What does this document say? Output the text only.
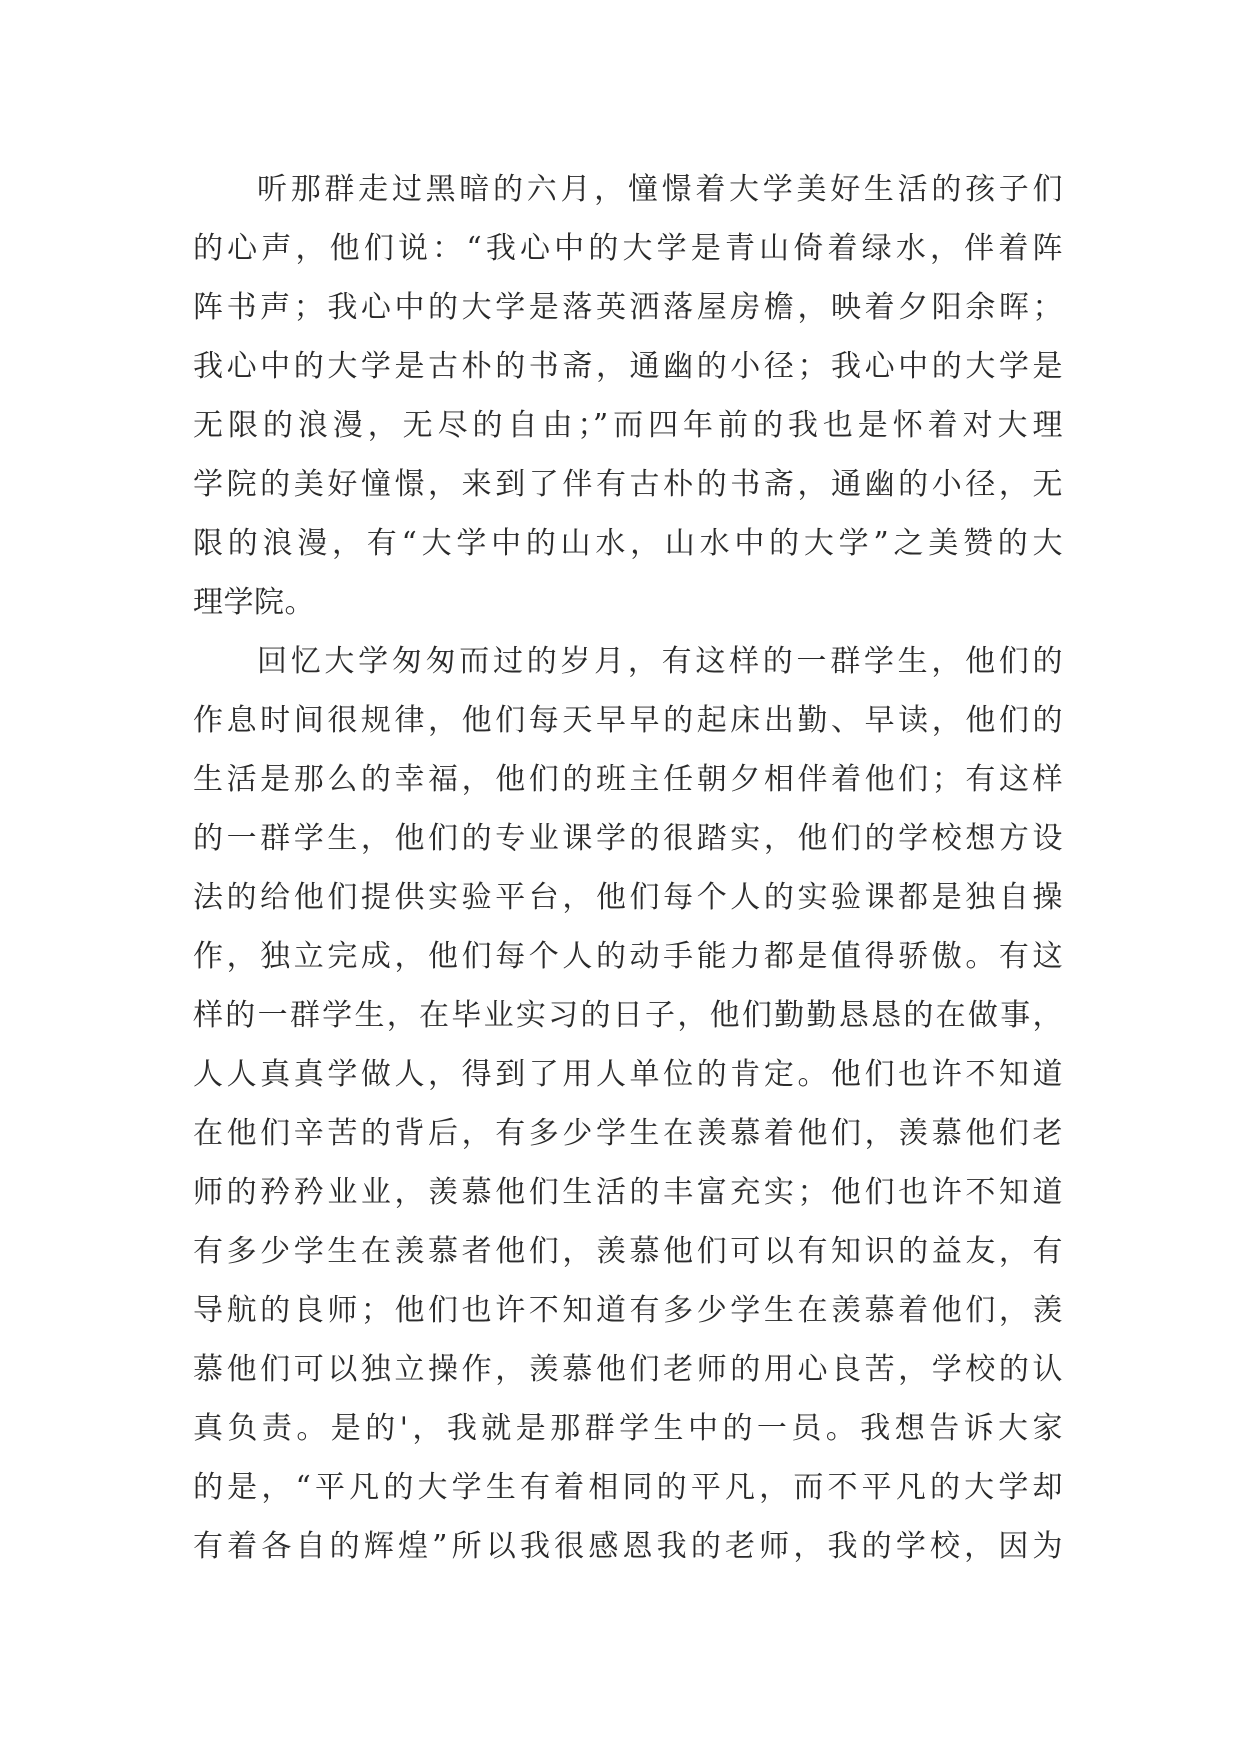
听那群走过黑暗的六月，憧憬着大学美好生活的孩子们
的心声，他们说：“我心中的大学是青山倚着绿水，伴着阵
阵书声；我心中的大学是落英洒落屋房檐，映着夕阳余晖；
我心中的大学是古朴的书斋，通幽的小径；我心中的大学是
无限的浪漫，无尽的自由；”而四年前的我也是怀着对大理
学院的美好憧憬，来到了伴有古朴的书斋，通幽的小径，无
限的浪漫，有“大学中的山水，山水中的大学”之美赞的大
理学院。
回忆大学匆匆而过的岁月，有这样的一群学生，他们的
作息时间很规律，他们每天早早的起床出勤、早读，他们的
生活是那么的幸福，他们的班主任朝夕相伴着他们；有这样
的一群学生，他们的专业课学的很踏实，他们的学校想方设
法的给他们提供实验平台，他们每个人的实验课都是独自操
作，独立完成，他们每个人的动手能力都是值得骄傲。有这
样的一群学生，在毕业实习的日子，他们勤勤恳恳的在做事，
人人真真学做人，得到了用人单位的肯定。他们也许不知道
在他们辛苦的背后，有多少学生在羡慕着他们，羡慕他们老
师的矜矜业业，羡慕他们生活的丰富充实；他们也许不知道
有多少学生在羡慕者他们，羡慕他们可以有知识的益友，有
导航的良师；他们也许不知道有多少学生在羡慕着他们，羡
慕他们可以独立操作，羡慕他们老师的用心良苦，学校的认
真负责。是的'，我就是那群学生中的一员。我想告诉大家
的是，“平凡的大学生有着相同的平凡，而不平凡的大学却
有着各自的辉煌”所以我很感恩我的老师，我的学校，因为
